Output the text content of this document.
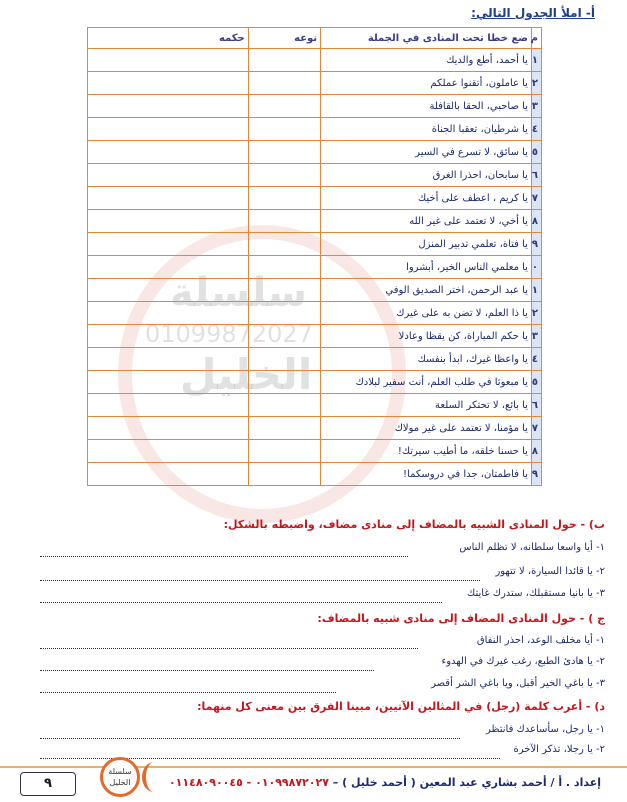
سلسلة
01099872027
الخليل
أ- املأ الجدول التالي:
م	ضع خطا تحت المنادى في الجملة	نوعه	حكمه
١	يا أحمد، أطع والديك		
٢	يا عاملون، أتقنوا عملكم		
٣	يا صاحبي، الحقا بالقافلة		
٤	يا شرطيان، تعقبا الجناة		
٥	يا سائق، لا تسرع في السير		
٦	يا سابحان، احذرا الغرق		
٧	يا كريم ، اعطف على أخيك		
٨	يا أخي، لا تعتمد على غير الله		
٩	يا فتاة، تعلمي تدبير المنزل		
٠	يا معلمي الناس الخير، أبشروا		
١	يا عبد الرحمن، اختر الصديق الوفي		
٢	يا ذا العلم، لا تضن به على غيرك		
٣	يا حكم المباراة، كن يقظا وعادلا		
٤	يا واعظا غيرك، ابدأ بنفسك		
٥	يا مبعوثا في طلب العلم، أنت سفير لبلادك		
٦	يا بائع، لا تحتكر السلعة		
٧	يا مؤمنا، لا تعتمد على غير مولاك		
٨	يا حسنا خلقه، ما أطيب سيرتك!		
٩	يا فاطمتان، جدا في دروسكما!		
ب) - حول المنادى الشبيه بالمضاف إلى منادى مضاف، واضبطه بالشكل:
١- أيا واسعا سلطانه، لا تظلم الناس
٢- يا قائدا السيارة، لا تتهور
٣- يا بانيا مستقبلك، ستدرك غايتك
ج ) - حول المنادى المضاف إلى منادى شبيه بالمضاف:
١- أيا مخلف الوعد، احذر النفاق
٢- يا هادئ الطبع، رغب غيرك في الهدوء
٣- يا باغي الخير أقبل، ويا باغي الشر أقصر
د) - أعرب كلمة (رجل) في المثالين الآتيين، مبينا الفرق بين معنى كل منهما:
١- يا رجل، سأساعدك فانتظر
٢- يا رجلا، تذكر الآخرة
إعداد . أ / أحمد بشاري عبد المعين ( أحمد خليل ) – ٠١٠٩٩٨٧٢٠٢٧ - ٠١١٤٨٠٩٠٠٤٥
سلسلة
الخليل
٩
